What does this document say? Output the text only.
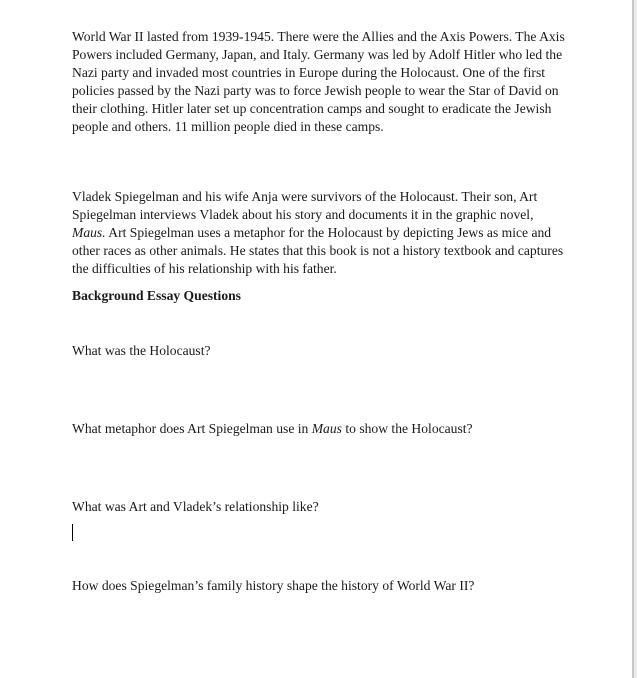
World War II lasted from 1939-1945. There were the Allies and the Axis Powers. The Axis Powers included Germany, Japan, and Italy. Germany was led by Adolf Hitler who led the Nazi party and invaded most countries in Europe during the Holocaust. One of the first policies passed by the Nazi party was to force Jewish people to wear the Star of David on their clothing. Hitler later set up concentration camps and sought to eradicate the Jewish people and others. 11 million people died in these camps.

Vladek Spiegelman and his wife Anja were survivors of the Holocaust. Their son, Art Spiegelman interviews Vladek about his story and documents it in the graphic novel, Maus. Art Spiegelman uses a metaphor for the Holocaust by depicting Jews as mice and other races as other animals. He states that this book is not a history textbook and captures the difficulties of his relationship with his father.

Background Essay Questions

What was the Holocaust?

What metaphor does Art Spiegelman use in Maus to show the Holocaust?

What was Art and Vladek’s relationship like?

How does Spiegelman’s family history shape the history of World War II?
